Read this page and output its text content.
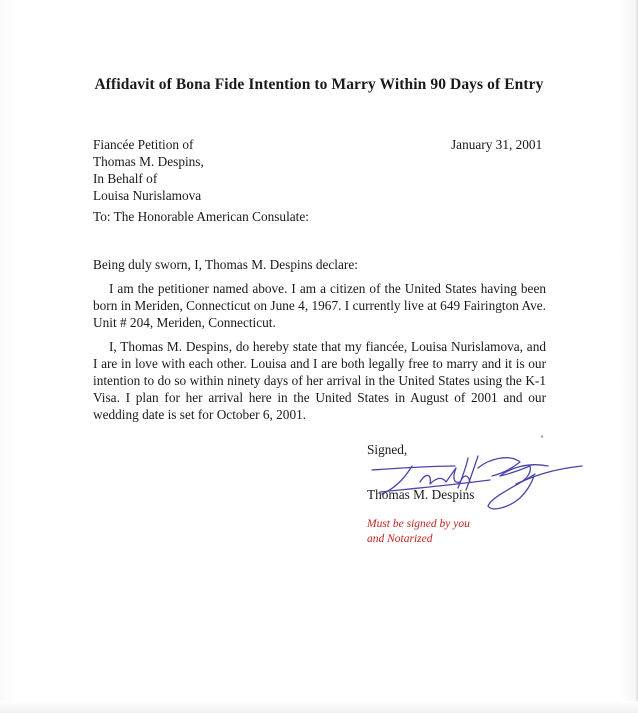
Affidavit of Bona Fide Intention to Marry Within 90 Days of Entry
Fiancée Petition of
Thomas M. Despins,
In Behalf of
Louisa Nurislamova
January 31, 2001
To: The Honorable American Consulate:
Being duly sworn, I, Thomas M. Despins declare:
I am the petitioner named above. I am a citizen of the United States having been born in Meriden, Connecticut on June 4, 1967. I currently live at 649 Fairington Ave. Unit # 204, Meriden, Connecticut.
I, Thomas M. Despins, do hereby state that my fiancée, Louisa Nurislamova, and I are in love with each other. Louisa and I are both legally free to marry and it is our intention to do so within ninety days of her arrival in the United States using the K-1 Visa. I plan for her arrival here in the United States in August of 2001 and our wedding date is set for October 6, 2001.
Signed,
Thomas M. Despins
Must be signed by you
and Notarized
